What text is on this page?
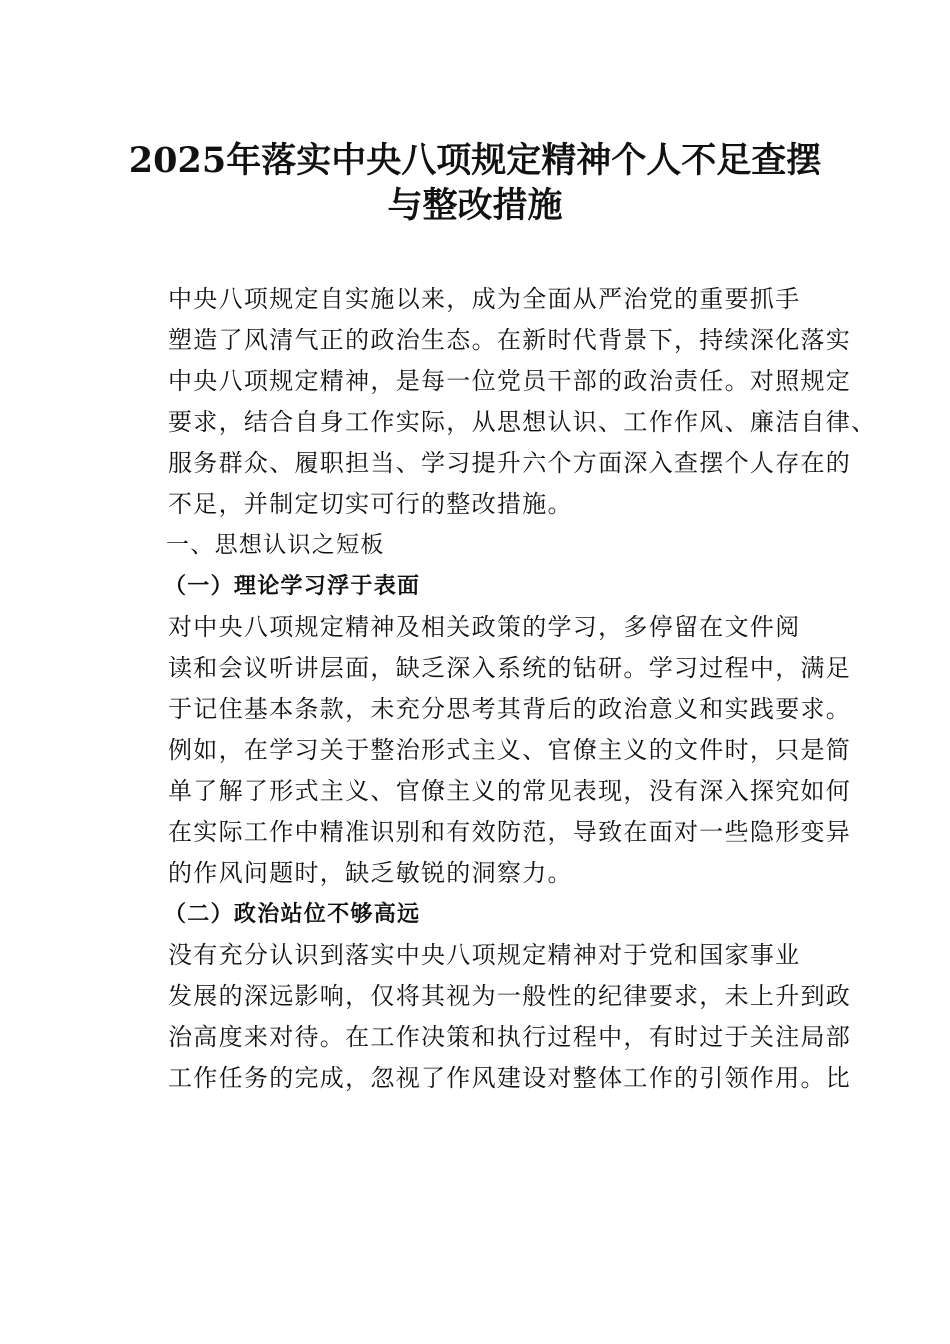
2025年落实中央八项规定精神个人不足查摆
与整改措施

中央八项规定自实施以来，成为全面从严治党的重要抓手
塑造了风清气正的政治生态。在新时代背景下，持续深化落实
中央八项规定精神，是每一位党员干部的政治责任。对照规定
要求，结合自身工作实际，从思想认识、工作作风、廉洁自律、
服务群众、履职担当、学习提升六个方面深入查摆个人存在的
不足，并制定切实可行的整改措施。

一、思想认识之短板

（一）理论学习浮于表面

对中央八项规定精神及相关政策的学习，多停留在文件阅
读和会议听讲层面，缺乏深入系统的钻研。学习过程中，满足
于记住基本条款，未充分思考其背后的政治意义和实践要求。
例如，在学习关于整治形式主义、官僚主义的文件时，只是简
单了解了形式主义、官僚主义的常见表现，没有深入探究如何
在实际工作中精准识别和有效防范，导致在面对一些隐形变异
的作风问题时，缺乏敏锐的洞察力。

（二）政治站位不够高远

没有充分认识到落实中央八项规定精神对于党和国家事业
发展的深远影响，仅将其视为一般性的纪律要求，未上升到政
治高度来对待。在工作决策和执行过程中，有时过于关注局部
工作任务的完成，忽视了作风建设对整体工作的引领作用。比
